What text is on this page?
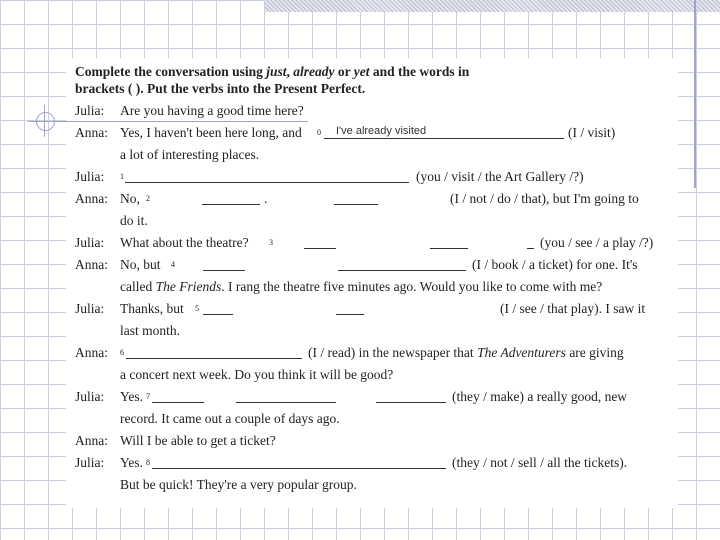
Complete the conversation using just, already or yet and the words in
brackets ( ). Put the verbs into the Present Perfect.

Julia: Are you having a good time here?
Anna: Yes, I haven't been here long, and $^0$ I've already visited	(I / visit)
a lot of interesting places.
Julia: $^1$	(you / visit / the Art Gallery /?)
Anna: No, $^2$	.	(I / not / do / that), but I'm going to
do it.
Julia: What about the theatre?	$^3$	(you / see / a play /?)
Anna: No, but $^4$	(I / book / a ticket) for one. It's
called The Friends. I rang the theatre five minutes ago. Would you like to come with me?
Julia: Thanks, but $^5$	(I / see / that play). I saw it
last month.
Anna: $^6$	(I / read) in the newspaper that The Adventurers are giving
a concert next week. Do you think it will be good?
Julia: Yes. $^7$	(they / make) a really good, new
record. It came out a couple of days ago.
Anna: Will I be able to get a ticket?
Julia: Yes. $^8$	(they / not / sell / all the tickets).
But be quick! They're a very popular group.
